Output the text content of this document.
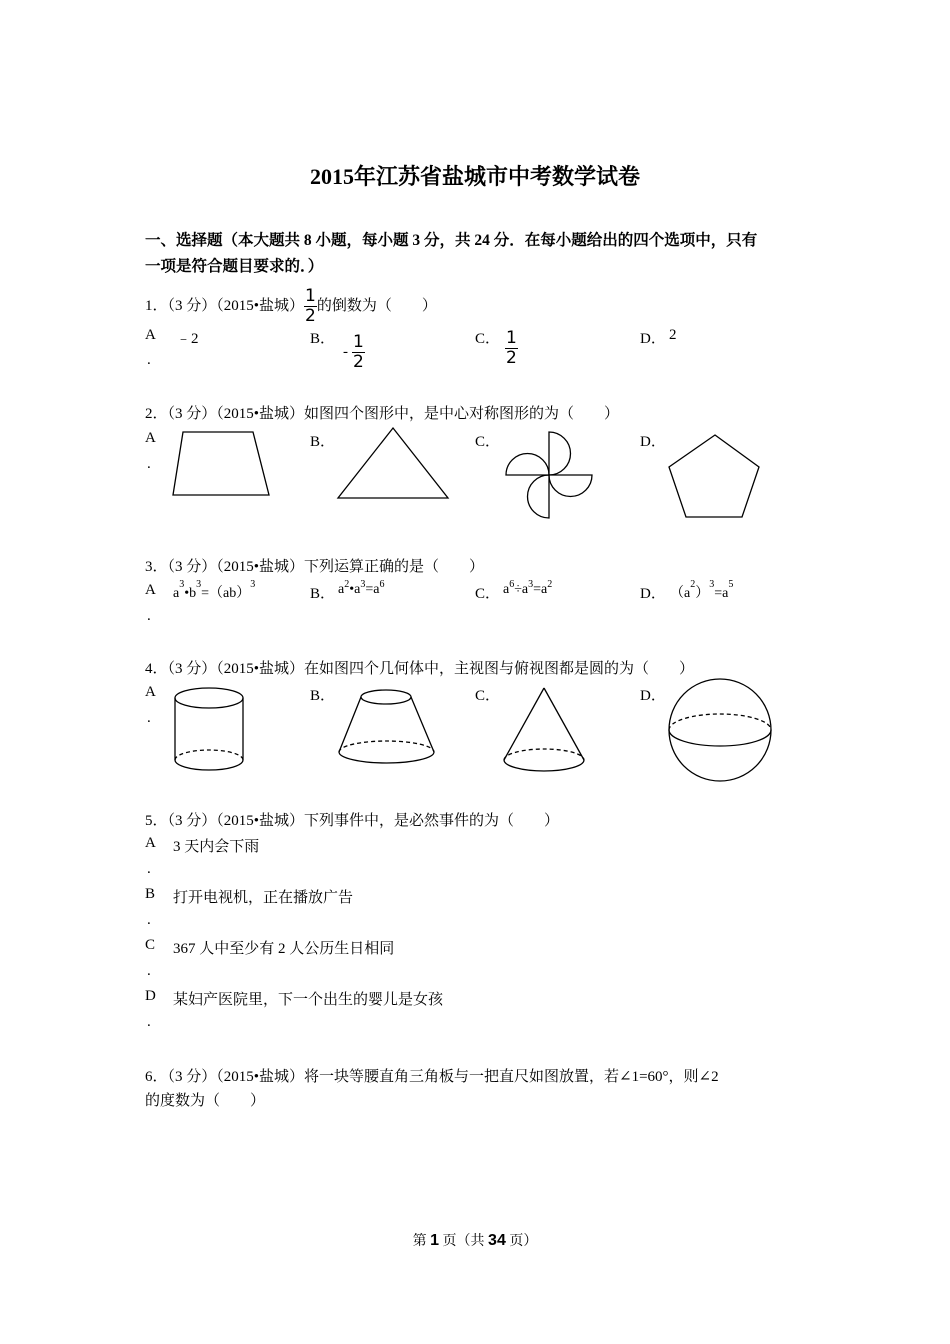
2015年江苏省盐城市中考数学试卷
一、选择题（本大题共 8 小题，每小题 3 分，共 24 分．在每小题给出的四个选项中，只有
一项是符合题目要求的．）
1．（3 分）（2015•盐城） $\frac{1}{2}$ 的倒数为（　　）
A
.
﹣2	B．
- $\frac{1}{2}$	C． $\frac{1}{2}$	D． 2
2．（3 分）（2015•盐城）如图四个图形中，是中心对称图形的为（　　）
A
.
B．	C．	D．
3．（3 分）（2015•盐城）下列运算正确的是（　　）
A
.
$a^3•b^3=(ab)^3$
B． $a^2•a^3=a^6$
C． $a^6\div a^3=a^2$
D． $(a^2)^3=a^5$
4．（3 分）（2015•盐城）在如图四个几何体中，主视图与俯视图都是圆的为（　　）
A
.
B．	C．	D．
5．（3 分）（2015•盐城）下列事件中，是必然事件的为（　　）
A
.
3 天内会下雨
B
.
打开电视机，正在播放广告
C
.
367 人中至少有 2 人公历生日相同
D
.
某妇产医院里，下一个出生的婴儿是女孩
6．（3 分）（2015•盐城）将一块等腰直角三角板与一把直尺如图放置，若∠1=60°，则∠2
的度数为（　　）
第 1 页（共 34 页）
